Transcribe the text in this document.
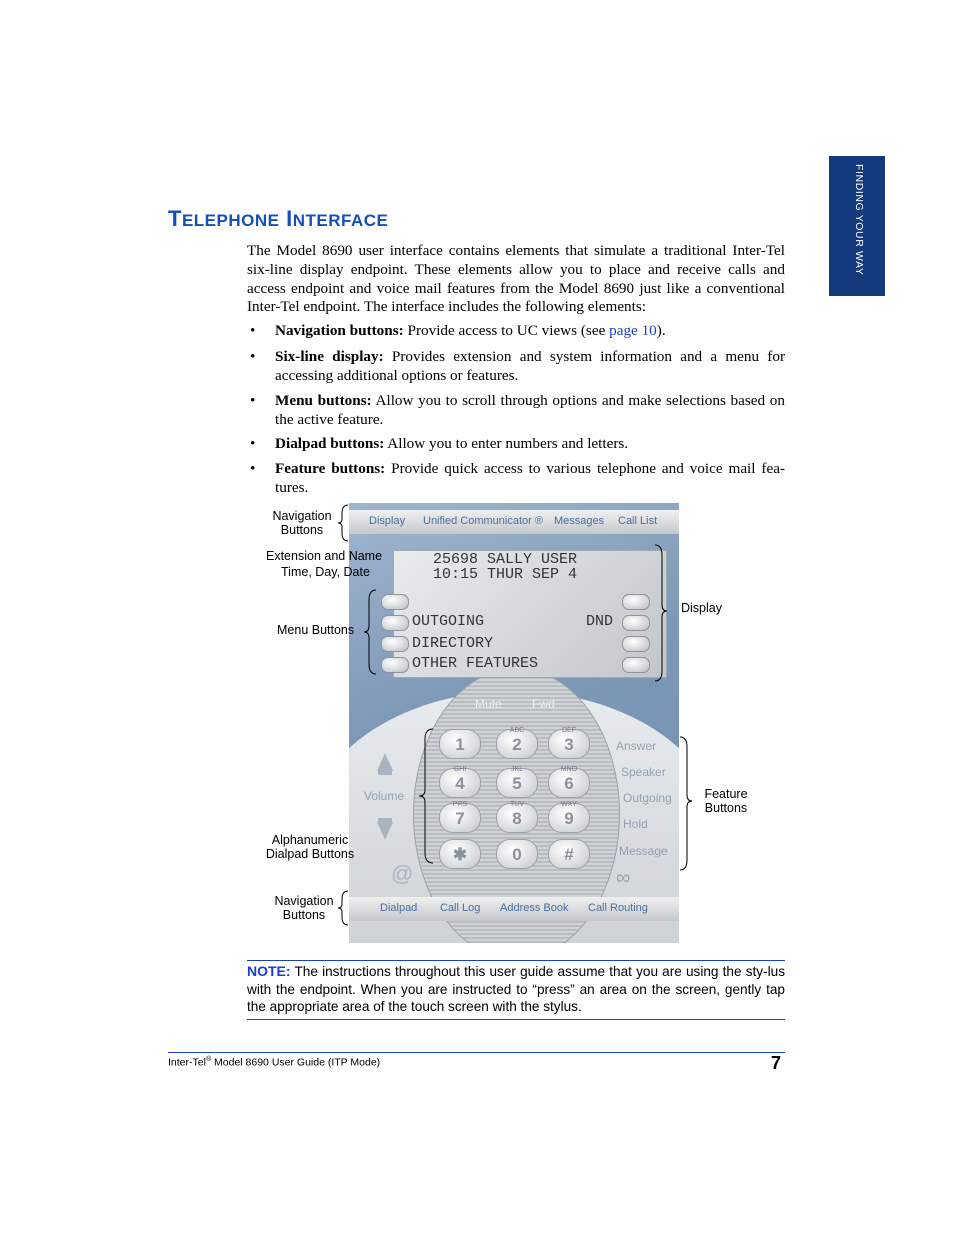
FINDING YOUR WAY
TELEPHONE INTERFACE
The Model 8690 user interface contains elements that simulate a traditional Inter-Tel six-line display endpoint. These elements allow you to place and receive calls and access endpoint and voice mail features from the Model 8690 just like a conventional Inter-Tel endpoint. The interface includes the following elements:
• Navigation buttons: Provide access to UC views (see page 10).
• Six-line display: Provides extension and system information and a menu for accessing additional options or features.
• Menu buttons: Allow you to scroll through options and make selections based on the active feature.
• Dialpad buttons: Allow you to enter numbers and letters.
• Feature buttons: Provide quick access to various telephone and voice mail fea-tures.
Display Unified Communicator ® Messages Call List
25698 SALLY USER
10:15 THUR SEP 4
OUTGOING	DND
DIRECTORY
OTHER FEATURES
Mute	Fwd
1
ABC
2
DEF
3
GHI
4
JKL
5
MNO
6
PRS
7
TUV
8
WXY
9
✱	0	#
Volume
@
Answer
Speaker
Outgoing
Hold
Message
∞
Dialpad Call Log Address Book Call Routing
Navigation
Buttons
Extension and Name
Time, Day, Date
Menu Buttons
Display
Feature
Buttons
Alphanumeric
Dialpad Buttons
Navigation
Buttons
NOTE: The instructions throughout this user guide assume that you are using the sty-lus with the endpoint. When you are instructed to “press” an area on the screen, gently tap the appropriate area of the touch screen with the stylus.
Inter-Tel® Model 8690 User Guide (ITP Mode)	7
